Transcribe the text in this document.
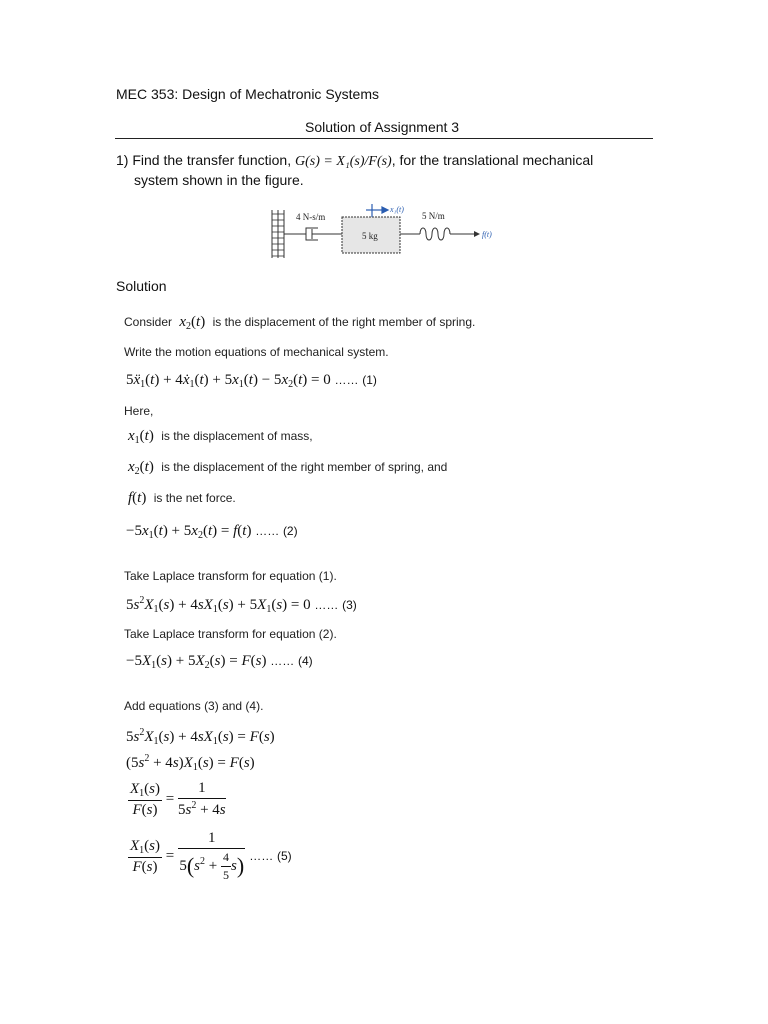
MEC 353: Design of Mechatronic Systems
Solution of Assignment 3
1) Find the transfer function, G(s) = X₁(s)/F(s), for the translational mechanical
system shown in the figure.
4 N-s/m
5 kg
x₁(t)
5 N/m
f(t)
Solution
Consider $x_2(t)$ is the displacement of the right member of spring.
Write the motion equations of mechanical system.
$5ẍ_1(t)$ + $4ẋ_1(t) + 5x_1(t) - 5x_2(t) = 0$ …… (1)
Here,
$x_1(t)$ is the displacement of mass,
$x_2(t)$ is the displacement of the right member of spring, and
f(t) is the net force.
$-5x_1(t) + 5x_2(t) = f(t)$ …… (2)
Take Laplace transform for equation (1).
$5s^2X_1(s) + 4sX_1(s) + 5X_1(s) = 0$ …… (3)
Take Laplace transform for equation (2).
$-5X_1(s) + 5X_2(s) = F(s)$ …… (4)
Add equations (3) and (4).
$5s^2X_1(s) + 4sX_1(s) = F(s)$
$(5s^2 + 4s)X_1(s) = F(s)$
$\frac{X_1(s)}{F(s)} = \frac{1}{5s^2 + 4s}$
$\frac{X_1(s)}{F(s)} = \frac{1}{5(s^2 + \frac{4}{5} s)}$ …… (5)
